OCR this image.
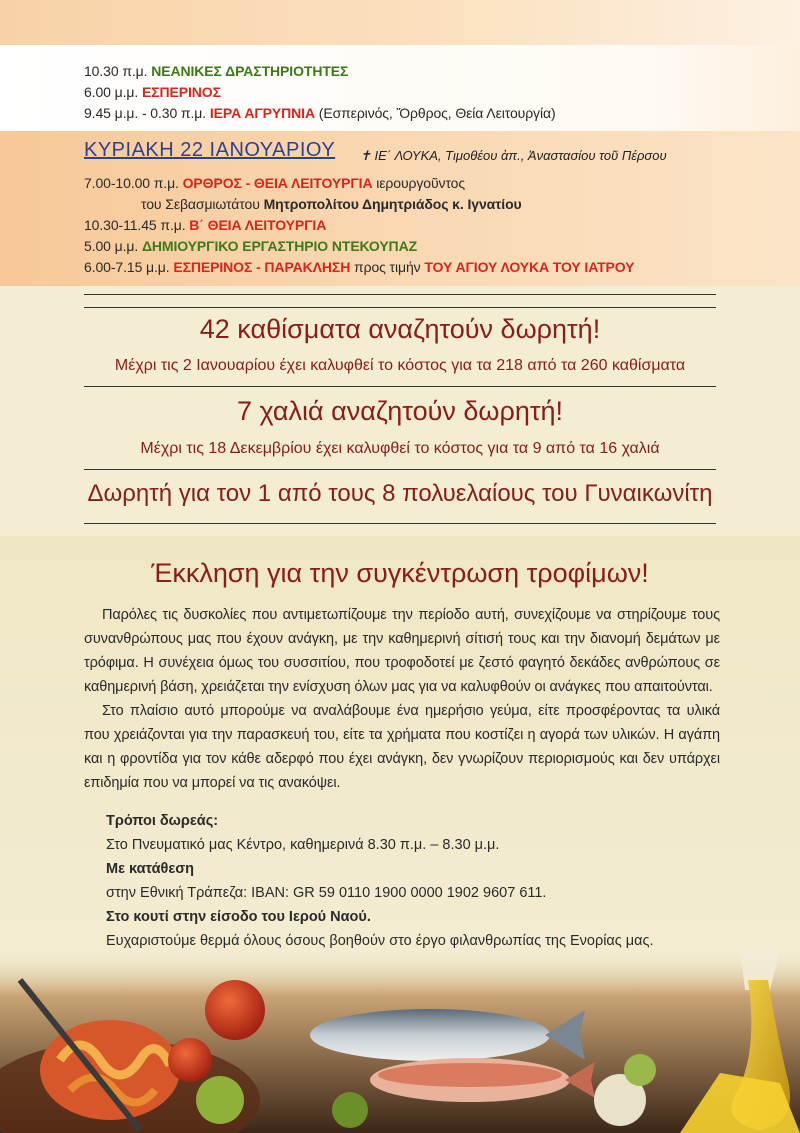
10.30 π.μ. ΝΕΑΝΙΚΕΣ ΔΡΑΣΤΗΡΙΟΤΗΤΕΣ
6.00 μ.μ. ΕΣΠΕΡΙΝΟΣ
9.45 μ.μ. - 0.30 π.μ. ΙΕΡΑ ΑΓΡΥΠΝΙΑ (Εσπερινός, Ὄρθρος, Θεία Λειτουργία)
ΚΥΡΙΑΚΗ 22 ΙΑΝΟΥΑΡΙΟΥ ✝ ΙΕ΄ ΛΟΥΚΑ, Τιμοθέου ἀπ., Ἀναστασίου τοῦ Πέρσου
7.00-10.00 π.μ. ΟΡΘΡΟΣ - ΘΕΙΑ ΛΕΙΤΟΥΡΓΙΑ ιερουργοῦντος
του Σεβασμιωτάτου Μητροπολίτου Δημητριάδος κ. Ιγνατίου
10.30-11.45 π.μ. Β΄ ΘΕΙΑ ΛΕΙΤΟΥΡΓΙΑ
5.00 μ.μ. ΔΗΜΙΟΥΡΓΙΚΟ ΕΡΓΑΣΤΗΡΙΟ ΝΤΕΚΟΥΠΑΖ
6.00-7.15 μ.μ. ΕΣΠΕΡΙΝΟΣ - ΠΑΡΑΚΛΗΣΗ προς τιμήν ΤΟΥ ΑΓΙΟΥ ΛΟΥΚΑ ΤΟΥ ΙΑΤΡΟΥ
42 καθίσματα αναζητούν δωρητή!
Μέχρι τις 2 Ιανουαρίου έχει καλυφθεί το κόστος για τα 218 από τα 260 καθίσματα
7 χαλιά αναζητούν δωρητή!
Μέχρι τις 18 Δεκεμβρίου έχει καλυφθεί το κόστος για τα 9 από τα 16 χαλιά
Δωρητή για τον 1 από τους 8 πολυελαίους του Γυναικωνίτη
Έκκληση για την συγκέντρωση τροφίμων!

Παρόλες τις δυσκολίες που αντιμετωπίζουμε την περίοδο αυτή, συνεχίζουμε να στηρίζουμε τους συνανθρώπους μας που έχουν ανάγκη, με την καθημερινή σίτισή τους και την διανομή δεμάτων με τρόφιμα. Η συνέχεια όμως του συσσιτίου, που τροφοδοτεί με ζεστό φαγητό δεκάδες ανθρώπους σε καθημερινή βάση, χρειάζεται την ενίσχυση όλων μας για να καλυφθούν οι ανάγκες που απαιτούνται.

Στο πλαίσιο αυτό μπορούμε να αναλάβουμε ένα ημερήσιο γεύμα, είτε προσφέροντας τα υλικά που χρειάζονται για την παρασκευή του, είτε τα χρήματα που κοστίζει η αγορά των υλικών. Η αγάπη και η φροντίδα για τον κάθε αδερφό που έχει ανάγκη, δεν γνωρίζουν περιορισμούς και δεν υπάρχει επιδημία που να μπορεί να τις ανακόψει.

Τρόποι δωρεάς:
Στο Πνευματικό μας Κέντρο, καθημερινά 8.30 π.μ. – 8.30 μ.μ.
Με κατάθεση
στην Εθνική Τράπεζα: IBAN: GR 59 0110 1900 0000 1902 9607 611.
Στο κουτί στην είσοδο του Ιερού Ναού.
Ευχαριστούμε θερμά όλους όσους βοηθούν στο έργο φιλανθρωπίας της Ενορίας μας.
